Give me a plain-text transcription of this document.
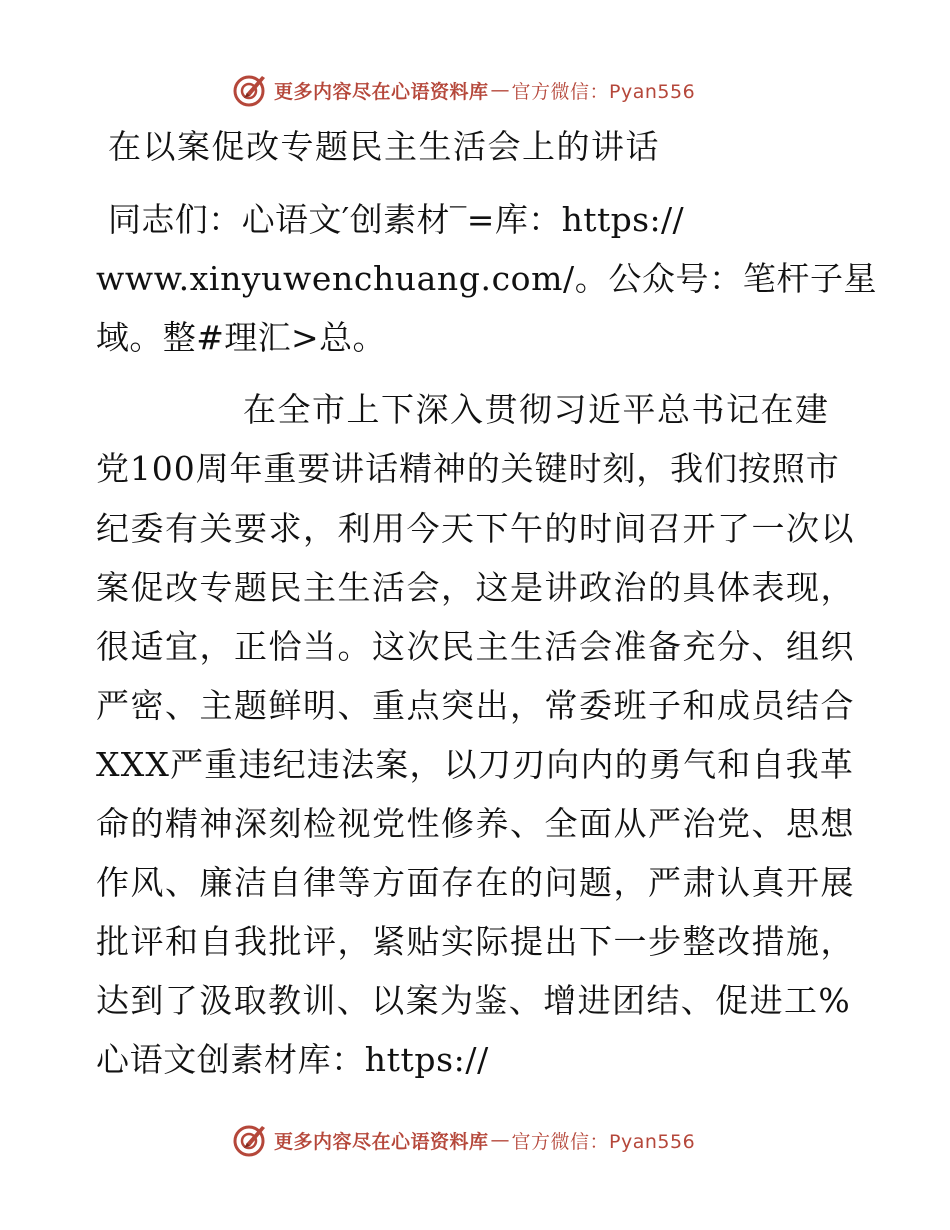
更多内容尽在心语资料库 — 官方微信：Pyan556
在以案促改专题民主生活会上的讲话
同志们：心语文′创素材‾=库：https://
www.xinyuwenchuang.com/。公众号：笔杆子星
域。整#理汇>总。
在全市上下深入贯彻习近平总书记在建
党100周年重要讲话精神的关键时刻，我们按照市
纪委有关要求，利用今天下午的时间召开了一次以
案促改专题民主生活会，这是讲政治的具体表现，
很适宜，正恰当。这次民主生活会准备充分、组织
严密、主题鲜明、重点突出，常委班子和成员结合
XXX严重违纪违法案，以刀刃向内的勇气和自我革
命的精神深刻检视党性修养、全面从严治党、思想
作风、廉洁自律等方面存在的问题，严肃认真开展
批评和自我批评，紧贴实际提出下一步整改措施，
达到了汲取教训、以案为鉴、增进团结、促进工%
心语文创素材库：https://
更多内容尽在心语资料库 — 官方微信：Pyan556
